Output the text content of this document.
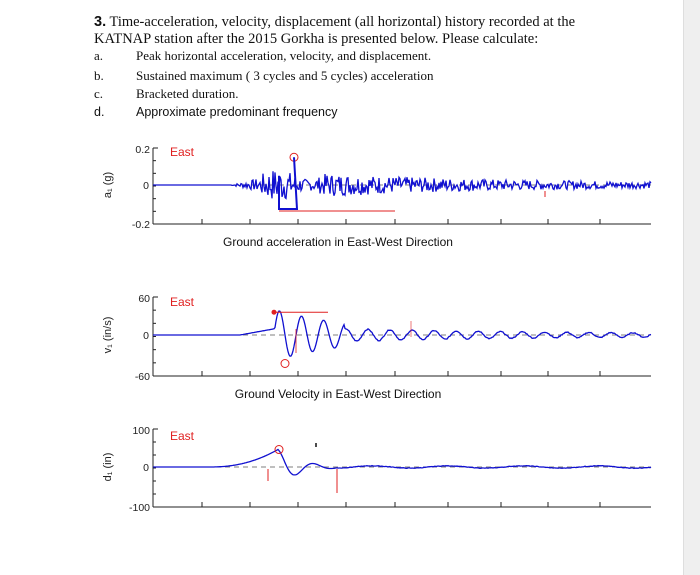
3. Time-acceleration, velocity, displacement (all horizontal) history recorded at the KATNAP station after the 2015 Gorkha is presented below. Please calculate:
a.	Peak horizontal acceleration, velocity, and displacement.
b. Sustained maximum ( 3 cycles and 5 cycles) acceleration
c.	Bracketed duration.
d.	Approximate predominant frequency
0.2
0
-0.2
a₁ (g)
East
Ground acceleration in East-West Direction
60
0
-60
v₁ (in/s)
East
Ground Velocity in East-West Direction
100
0
-100
d₁ (in)
East
